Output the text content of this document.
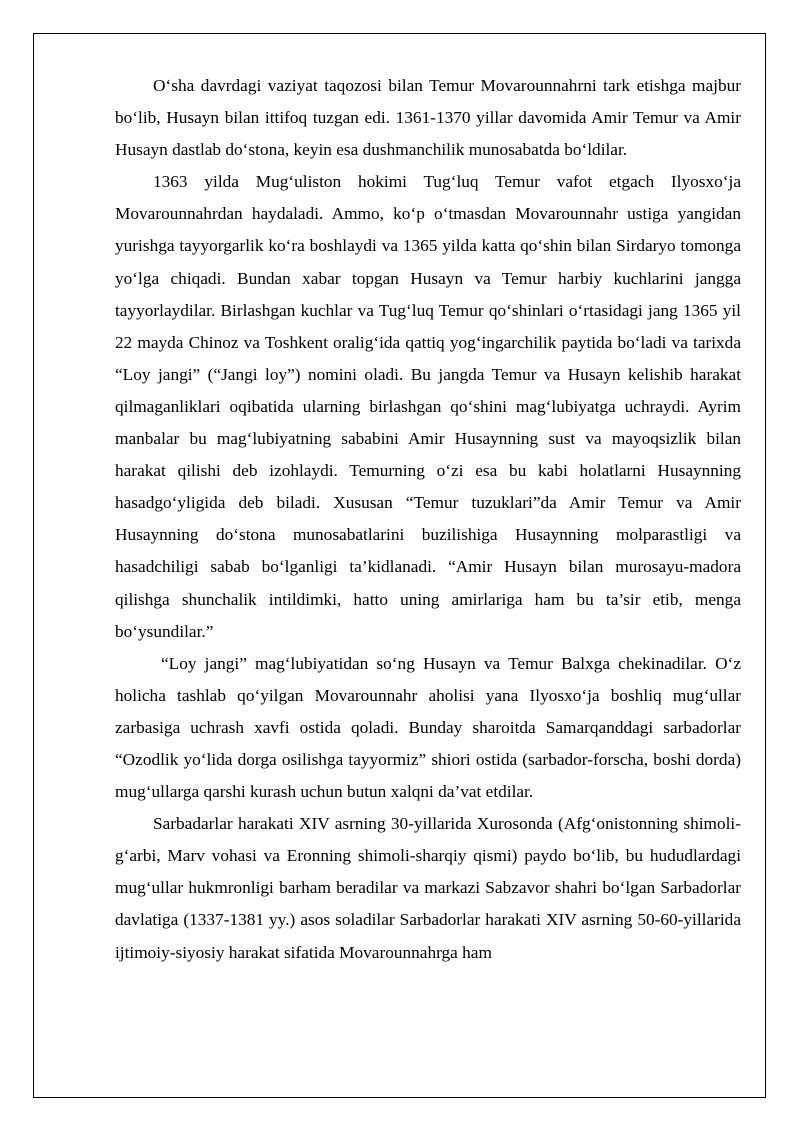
O‘sha davrdagi vaziyat taqozosi bilan Temur Movarounnahrni tark etishga majbur bo‘lib, Husayn bilan ittifoq tuzgan edi. 1361-1370 yillar davomida Amir Temur va Amir Husayn dastlab do‘stona, keyin esa dushmanchilik munosabatda bo‘ldilar.

1363 yilda Mug‘uliston hokimi Tug‘luq Temur vafot etgach Ilyosxo‘ja Movarounnahrdan haydaladi. Ammo, ko‘p o‘tmasdan Movarounnahr ustiga yangidan yurishga tayyorgarlik ko‘ra boshlaydi va 1365 yilda katta qo‘shin bilan Sirdaryo tomonga yo‘lga chiqadi. Bundan xabar topgan Husayn va Temur harbiy kuchlarini jangga tayyorlaydilar. Birlashgan kuchlar va Tug‘luq Temur qo‘shinlari o‘rtasidagi jang 1365 yil 22 mayda Chinoz va Toshkent oralig‘ida qattiq yog‘ingarchilik paytida bo‘ladi va tarixda “Loy jangi” (“Jangi loy”) nomini oladi. Bu jangda Temur va Husayn kelishib harakat qilmaganliklari oqibatida ularning birlashgan qo‘shini mag‘lubiyatga uchraydi. Ayrim manbalar bu mag‘lubiyatning sababini Amir Husaynning sust va mayoqsizlik bilan harakat qilishi deb izohlaydi. Temurning o‘zi esa bu kabi holatlarni Husaynning hasadgo‘yligida deb biladi. Xususan “Temur tuzuklari”da Amir Temur va Amir Husaynning do‘stona munosabatlarini buzilishiga Husaynning molparastligi va hasadchiligi sabab bo‘lganligi ta’kidlanadi. “Amir Husayn bilan murosayu-madora qilishga shunchalik intildimki, hatto uning amirlariga ham bu ta’sir etib, menga bo‘ysundilar.”

“Loy jangi” mag‘lubiyatidan so‘ng Husayn va Temur Balxga chekinadilar. O‘z holicha tashlab qo‘yilgan Movarounnahr aholisi yana Ilyosxo‘ja boshliq mug‘ullar zarbasiga uchrash xavfi ostida qoladi. Bunday sharoitda Samarqanddagi sarbadorlar “Ozodlik yo‘lida dorga osilishga tayyormiz” shiori ostida (sarbador-forscha, boshi dorda) mug‘ullarga qarshi kurash uchun butun xalqni da’vat etdilar.

Sarbadarlar harakati XIV asrning 30-yillarida Xurosonda (Afg‘onistonning shimoli-g‘arbi, Marv vohasi va Eronning shimoli-sharqiy qismi) paydo bo‘lib, bu hududlardagi mug‘ullar hukmronligi barham beradilar va markazi Sabzavor shahri bo‘lgan Sarbadorlar davlatiga (1337-1381 yy.) asos soladilar Sarbadorlar harakati XIV asrning 50-60-yillarida ijtimoiy-siyosiy harakat sifatida Movarounnahrga ham
